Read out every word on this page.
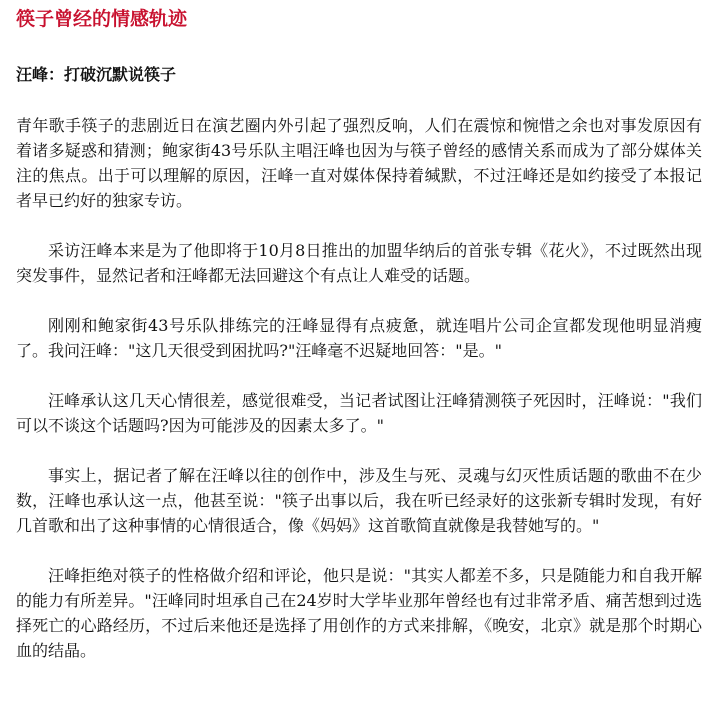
筷子曾经的情感轨迹
汪峰：打破沉默说筷子

青年歌手筷子的悲剧近日在演艺圈内外引起了强烈反响，人们在震惊和惋惜之余也对事发原因有着诸多疑惑和猜测；鲍家街43号乐队主唱汪峰也因为与筷子曾经的感情关系而成为了部分媒体关注的焦点。出于可以理解的原因，汪峰一直对媒体保持着缄默，不过汪峰还是如约接受了本报记者早已约好的独家专访。

采访汪峰本来是为了他即将于10月8日推出的加盟华纳后的首张专辑《花火》，不过既然出现突发事件，显然记者和汪峰都无法回避这个有点让人难受的话题。

刚刚和鲍家街43号乐队排练完的汪峰显得有点疲惫，就连唱片公司企宣都发现他明显消瘦了。我问汪峰："这几天很受到困扰吗?"汪峰毫不迟疑地回答："是。"

汪峰承认这几天心情很差，感觉很难受，当记者试图让汪峰猜测筷子死因时，汪峰说："我们可以不谈这个话题吗?因为可能涉及的因素太多了。"

事实上，据记者了解在汪峰以往的创作中，涉及生与死、灵魂与幻灭性质话题的歌曲不在少数，汪峰也承认这一点，他甚至说："筷子出事以后，我在听已经录好的这张新专辑时发现，有好几首歌和出了这种事情的心情很适合，像《妈妈》这首歌简直就像是我替她写的。"

汪峰拒绝对筷子的性格做介绍和评论，他只是说："其实人都差不多，只是随能力和自我开解的能力有所差异。"汪峰同时坦承自己在24岁时大学毕业那年曾经也有过非常矛盾、痛苦想到过选择死亡的心路经历，不过后来他还是选择了用创作的方式来排解，《晚安，北京》就是那个时期心血的结晶。
